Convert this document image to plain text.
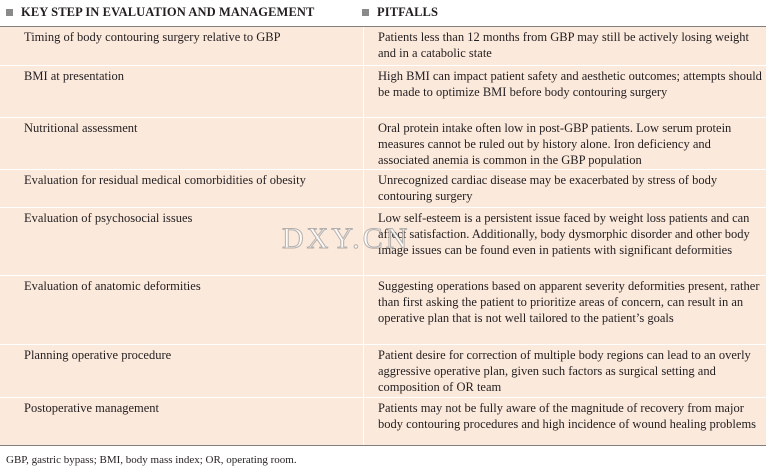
KEY STEP IN EVALUATION AND MANAGEMENT	PITFALLS
Timing of body contouring surgery relative to GBP	Patients less than 12 months from GBP may still be actively losing weight and in a catabolic state
BMI at presentation	High BMI can impact patient safety and aesthetic outcomes; attempts should be made to optimize BMI before body contouring surgery
Nutritional assessment	Oral protein intake often low in post-GBP patients. Low serum protein measures cannot be ruled out by history alone. Iron deficiency and associated anemia is common in the GBP population
Evaluation for residual medical comorbidities of obesity	Unrecognized cardiac disease may be exacerbated by stress of body contouring surgery
Evaluation of psychosocial issues	Low self-esteem is a persistent issue faced by weight loss patients and can affect satisfaction. Additionally, body dysmorphic disorder and other body image issues can be found even in patients with significant deformities
Evaluation of anatomic deformities	Suggesting operations based on apparent severity deformities present, rather than first asking the patient to prioritize areas of concern, can result in an operative plan that is not well tailored to the patient’s goals
Planning operative procedure	Patient desire for correction of multiple body regions can lead to an overly aggressive operative plan, given such factors as surgical setting and composition of OR team
Postoperative management	Patients may not be fully aware of the magnitude of recovery from major body contouring procedures and high incidence of wound healing problems
GBP, gastric bypass; BMI, body mass index; OR, operating room.
DXY.CN
